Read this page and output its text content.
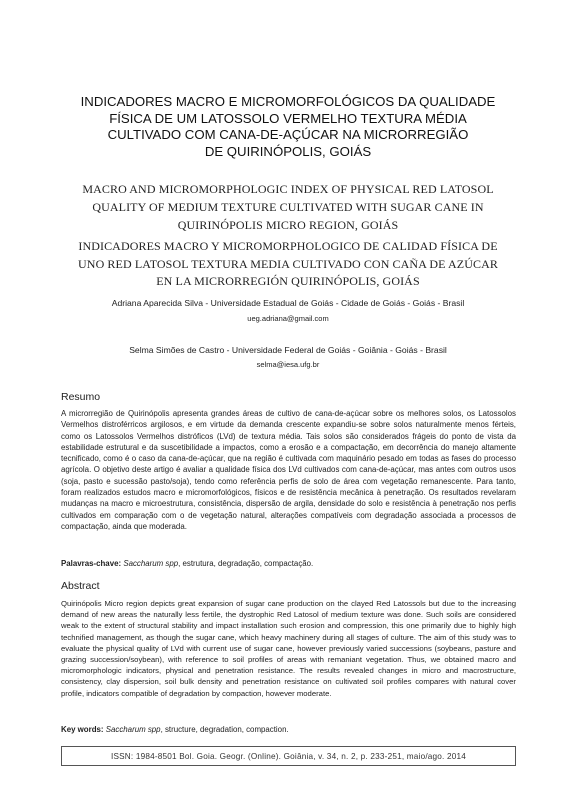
INDICADORES MACRO E MICROMORFOLÓGICOS DA QUALIDADE
FÍSICA DE UM LATOSSOLO VERMELHO TEXTURA MÉDIA
CULTIVADO COM CANA-DE-AÇÚCAR NA MICRORREGIÃO
DE QUIRINÓPOLIS, GOIÁS
MACRO AND MICROMORPHOLOGIC INDEX OF PHYSICAL RED LATOSOL
QUALITY OF MEDIUM TEXTURE CULTIVATED WITH SUGAR CANE IN
QUIRINÓPOLIS MICRO REGION, GOIÁS
INDICADORES MACRO Y MICROMORPHOLOGICO DE CALIDAD FÍSICA DE
UNO RED LATOSOL TEXTURA MEDIA CULTIVADO CON CAÑA DE AZÚCAR
EN LA MICRORREGIÓN QUIRINÓPOLIS, GOIÁS
Adriana Aparecida Silva - Universidade Estadual de Goiás - Cidade de Goiás - Goiás - Brasil
ueg.adriana@gmail.com
Selma Simões de Castro - Universidade Federal de Goiás - Goiânia - Goiás - Brasil
selma@iesa.ufg.br
Resumo
A microrregião de Quirinópolis apresenta grandes áreas de cultivo de cana-de-açúcar sobre os melhores solos, os Latossolos Vermelhos distroférricos argilosos, e em virtude da demanda crescente expandiu-se sobre solos naturalmente menos férteis, como os Latossolos Vermelhos distróficos (LVd) de textura média. Tais solos são considerados frágeis do ponto de vista da estabilidade estrutural e da suscetibilidade a impactos, como a erosão e a compactação, em decorrência do manejo altamente tecnificado, como é o caso da cana-de-açúcar, que na região é cultivada com maquinário pesado em todas as fases do processo agrícola. O objetivo deste artigo é avaliar a qualidade física dos LVd cultivados com cana-de-açúcar, mas antes com outros usos (soja, pasto e sucessão pasto/soja), tendo como referência perfis de solo de área com vegetação remanescente. Para tanto, foram realizados estudos macro e micromorfológicos, físicos e de resistência mecânica à penetração. Os resultados revelaram mudanças na macro e microestrutura, consistência, dispersão de argila, densidade do solo e resistência à penetração nos perfis cultivados em comparação com o de vegetação natural, alterações compatíveis com degradação associada a processos de compactação, ainda que moderada.
Palavras-chave: Saccharum spp, estrutura, degradação, compactação.
Abstract
Quirinópolis Micro region depicts great expansion of sugar cane production on the clayed Red Latossols but due to the increasing demand of new areas the naturally less fertile, the dystrophic Red Latosol of medium texture was done. Such soils are considered weak to the extent of structural stability and impact installation such erosion and compression, this one primarily due to highly high technified management, as though the sugar cane, which heavy machinery during all stages of culture. The aim of this study was to evaluate the physical quality of LVd with current use of sugar cane, however previously varied successions (soybeans, pasture and grazing succession/soybean), with reference to soil profiles of areas with remaniant vegetation. Thus, we obtained macro and micromorphologic indicators, physical and penetration resistance. The results revealed changes in micro and macrostructure, consistency, clay dispersion, soil bulk density and penetration resistance on cultivated soil profiles compares with natural cover profile, indicators compatible of degradation by compaction, however moderate.
Key words: Saccharum spp, structure, degradation, compaction.
ISSN: 1984-8501 Bol. Goia. Geogr. (Online). Goiânia, v. 34, n. 2, p. 233-251, maio/ago. 2014
